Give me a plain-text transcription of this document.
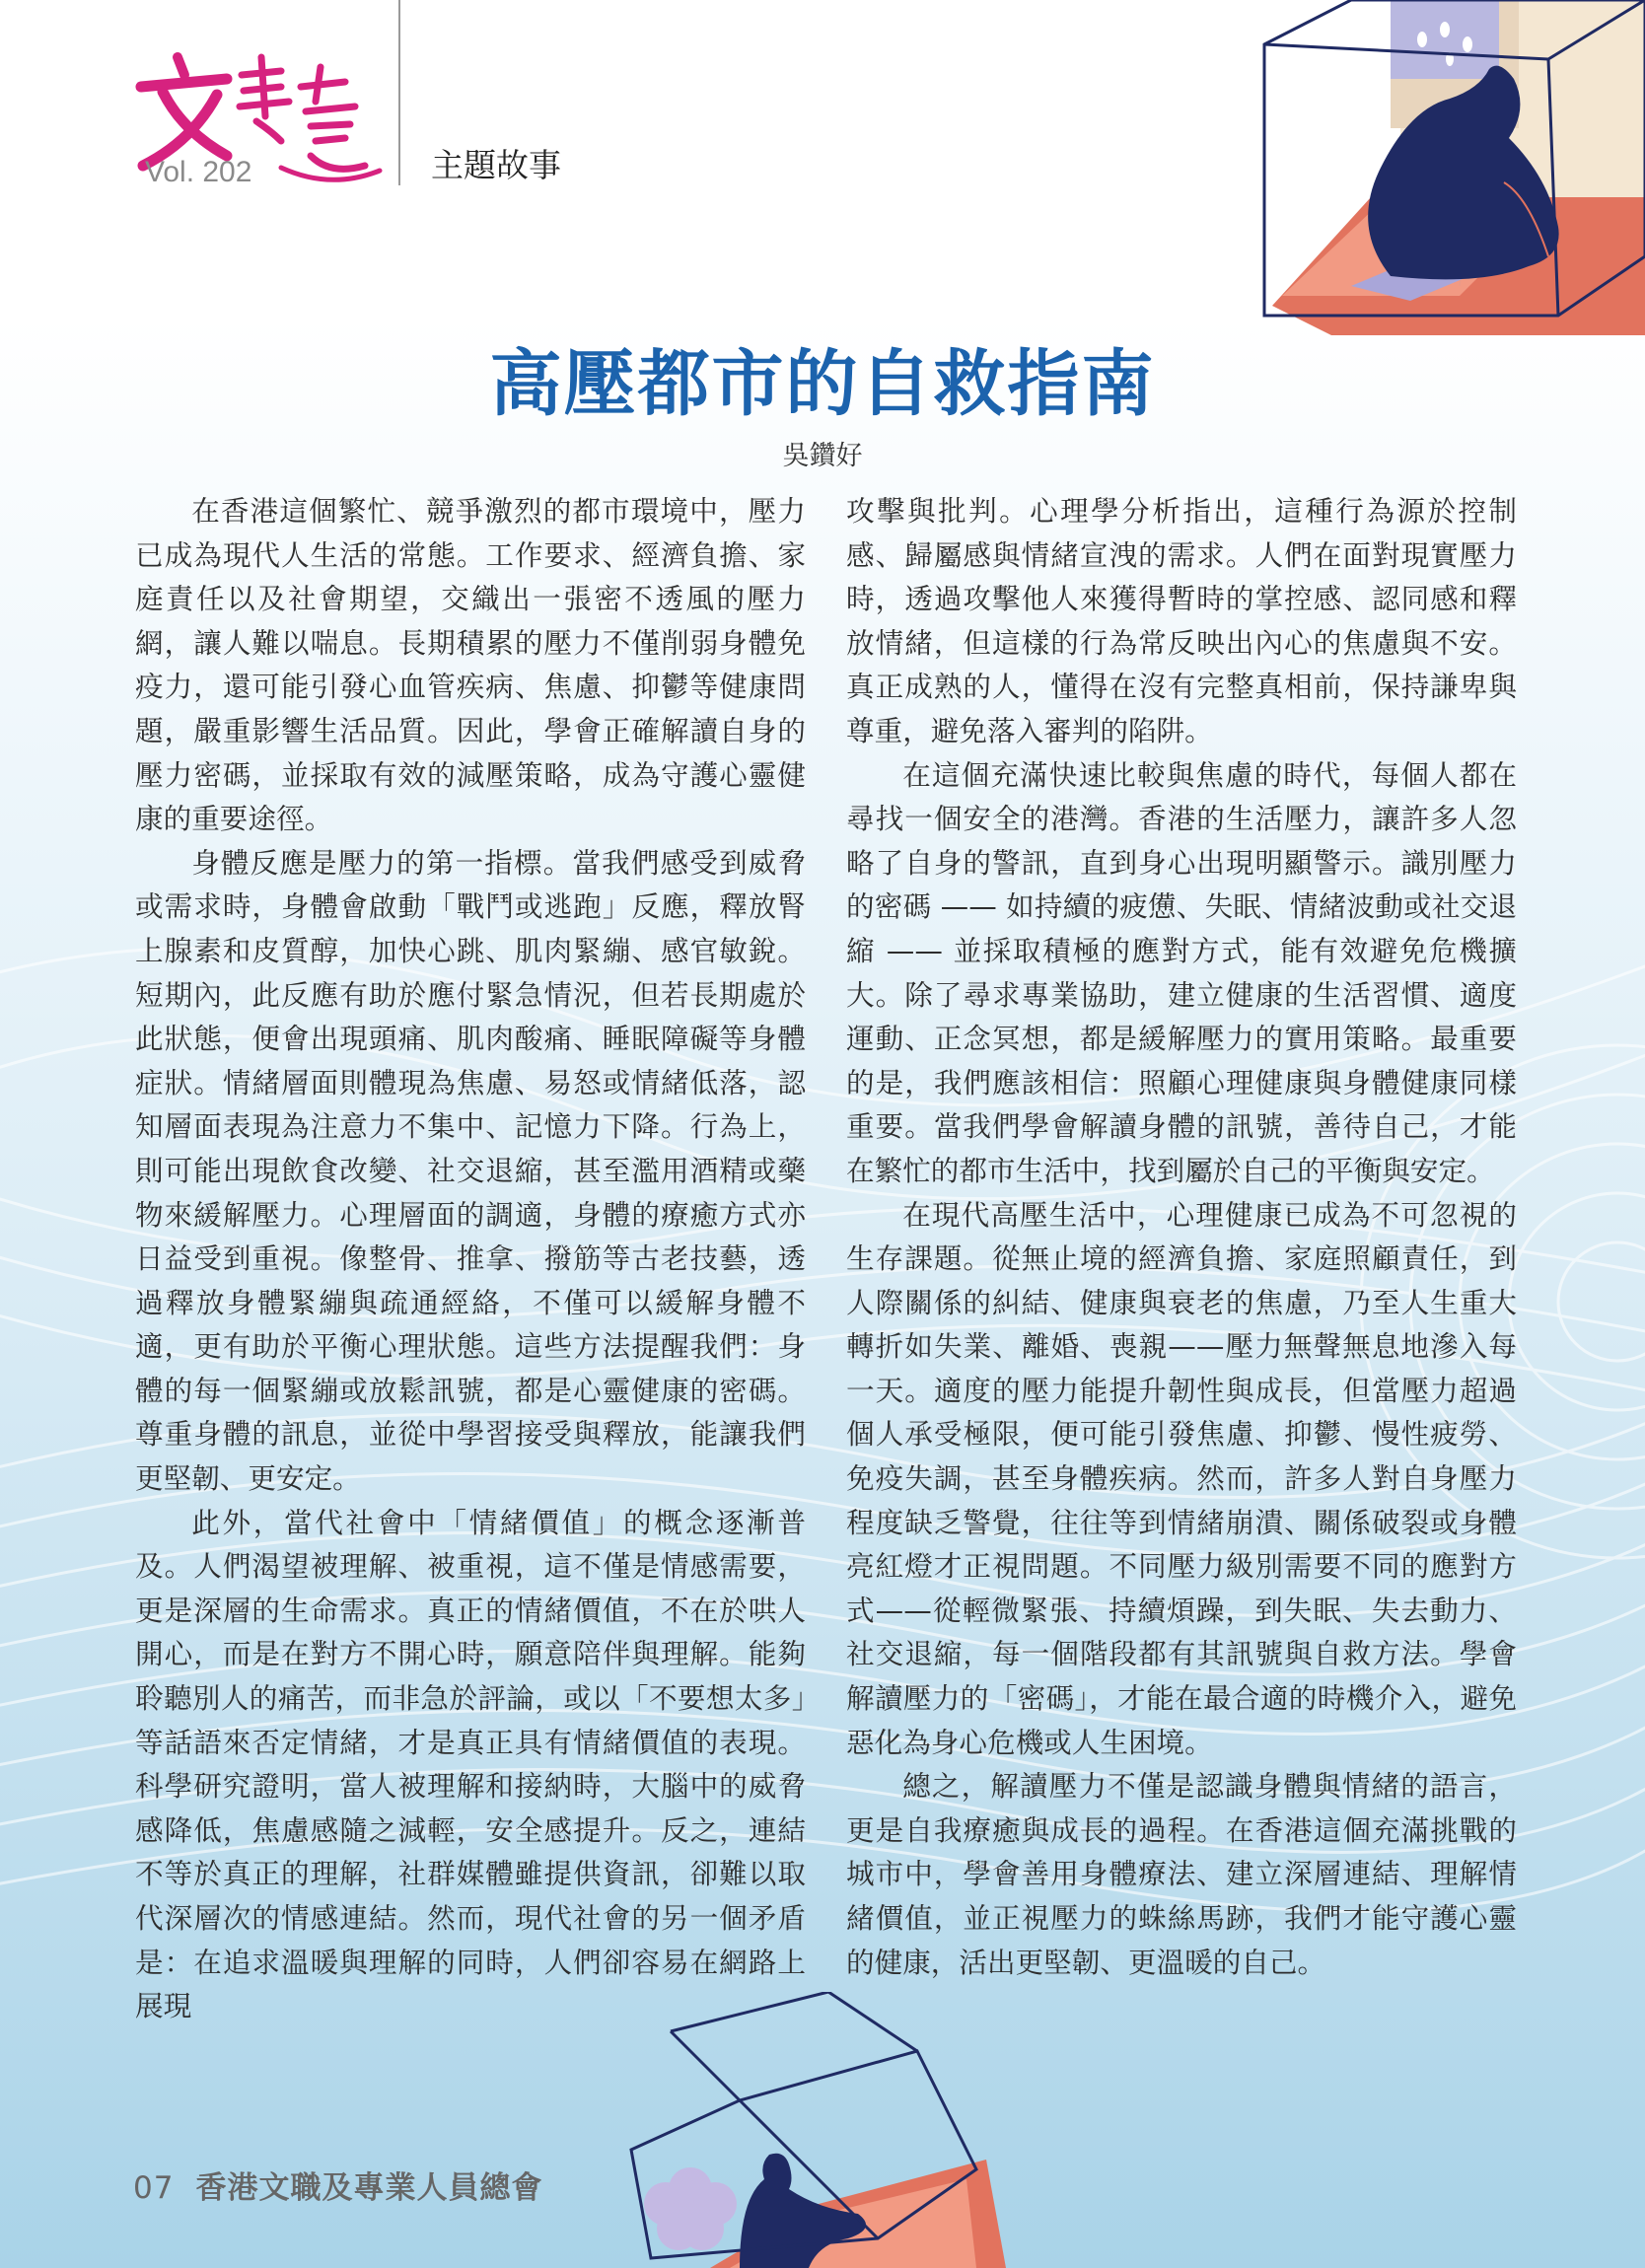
Vol. 202	主題故事
高壓都市的自救指南
吳鑽好

在香港這個繁忙、競爭激烈的都市環境中，壓力已成為現代人生活的常態。工作要求、經濟負擔、家庭責任以及社會期望，交織出一張密不透風的壓力網，讓人難以喘息。長期積累的壓力不僅削弱身體免疫力，還可能引發心血管疾病、焦慮、抑鬱等健康問題，嚴重影響生活品質。因此，學會正確解讀自身的壓力密碼，並採取有效的減壓策略，成為守護心靈健康的重要途徑。

身體反應是壓力的第一指標。當我們感受到威脅或需求時，身體會啟動「戰鬥或逃跑」反應，釋放腎上腺素和皮質醇，加快心跳、肌肉緊繃、感官敏銳。短期內，此反應有助於應付緊急情況，但若長期處於此狀態，便會出現頭痛、肌肉酸痛、睡眠障礙等身體症狀。情緒層面則體現為焦慮、易怒或情緒低落，認知層面表現為注意力不集中、記憶力下降。行為上，則可能出現飲食改變、社交退縮，甚至濫用酒精或藥物來緩解壓力。心理層面的調適，身體的療癒方式亦日益受到重視。像整骨、推拿、撥筋等古老技藝，透過釋放身體緊繃與疏通經絡，不僅可以緩解身體不適，更有助於平衡心理狀態。這些方法提醒我們：身體的每一個緊繃或放鬆訊號，都是心靈健康的密碼。尊重身體的訊息，並從中學習接受與釋放，能讓我們更堅韌、更安定。

此外，當代社會中「情緒價值」的概念逐漸普及。人們渴望被理解、被重視，這不僅是情感需要，更是深層的生命需求。真正的情緒價值，不在於哄人開心，而是在對方不開心時，願意陪伴與理解。能夠聆聽別人的痛苦，而非急於評論，或以「不要想太多」等話語來否定情緒，才是真正具有情緒價值的表現。科學研究證明，當人被理解和接納時，大腦中的威脅感降低，焦慮感隨之減輕，安全感提升。反之，連結不等於真正的理解，社群媒體雖提供資訊，卻難以取代深層次的情感連結。然而，現代社會的另一個矛盾是：在追求溫暖與理解的同時，人們卻容易在網路上展現

攻擊與批判。心理學分析指出，這種行為源於控制感、歸屬感與情緒宣洩的需求。人們在面對現實壓力時，透過攻擊他人來獲得暫時的掌控感、認同感和釋放情緒，但這樣的行為常反映出內心的焦慮與不安。真正成熟的人，懂得在沒有完整真相前，保持謙卑與尊重，避免落入審判的陷阱。

在這個充滿快速比較與焦慮的時代，每個人都在尋找一個安全的港灣。香港的生活壓力，讓許多人忽略了自身的警訊，直到身心出現明顯警示。識別壓力的密碼 —— 如持續的疲憊、失眠、情緒波動或社交退縮 —— 並採取積極的應對方式，能有效避免危機擴大。除了尋求專業協助，建立健康的生活習慣、適度運動、正念冥想，都是緩解壓力的實用策略。最重要的是，我們應該相信：照顧心理健康與身體健康同樣重要。當我們學會解讀身體的訊號，善待自己，才能在繁忙的都市生活中，找到屬於自己的平衡與安定。

在現代高壓生活中，心理健康已成為不可忽視的生存課題。從無止境的經濟負擔、家庭照顧責任，到人際關係的糾結、健康與衰老的焦慮，乃至人生重大轉折如失業、離婚、喪親——壓力無聲無息地滲入每一天。適度的壓力能提升韌性與成長，但當壓力超過個人承受極限，便可能引發焦慮、抑鬱、慢性疲勞、免疫失調，甚至身體疾病。然而，許多人對自身壓力程度缺乏警覺，往往等到情緒崩潰、關係破裂或身體亮紅燈才正視問題。不同壓力級別需要不同的應對方式——從輕微緊張、持續煩躁，到失眠、失去動力、社交退縮，每一個階段都有其訊號與自救方法。學會解讀壓力的「密碼」，才能在最合適的時機介入，避免惡化為身心危機或人生困境。

總之，解讀壓力不僅是認識身體與情緒的語言，更是自我療癒與成長的過程。在香港這個充滿挑戰的城市中，學會善用身體療法、建立深層連結、理解情緒價值，並正視壓力的蛛絲馬跡，我們才能守護心靈的健康，活出更堅韌、更溫暖的自己。

07 香港文職及專業人員總會
